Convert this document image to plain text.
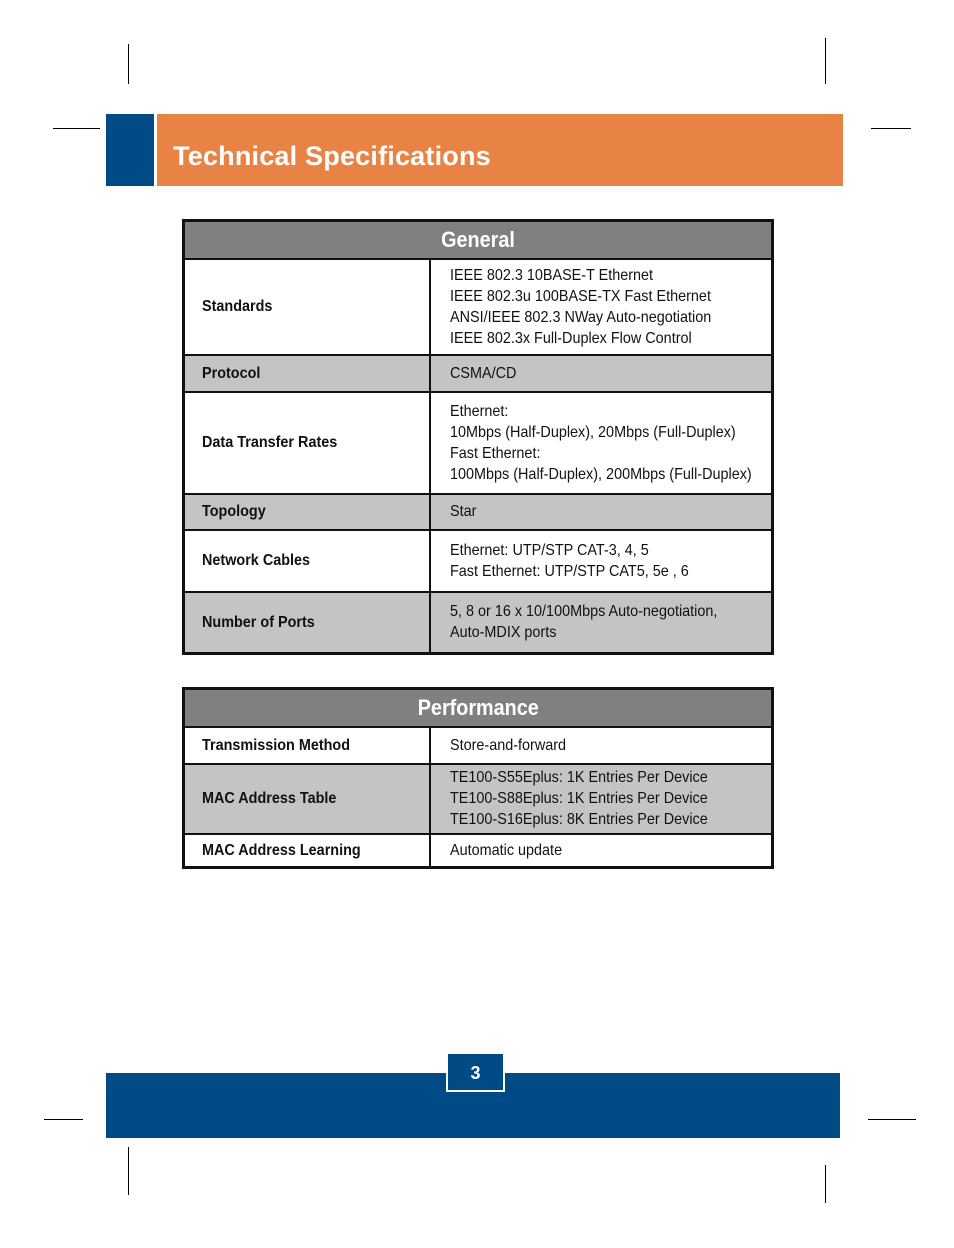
Technical Specifications
General	
Standards	IEEE 802.3 10BASE-T Ethernet
IEEE 802.3u 100BASE-TX Fast Ethernet
ANSI/IEEE 802.3 NWay Auto-negotiation
IEEE 802.3x Full-Duplex Flow Control

Protocol	CSMA/CD
Data Transfer Rates	Ethernet:
10Mbps (Half-Duplex), 20Mbps (Full-Duplex)
Fast Ethernet:
100Mbps (Half-Duplex), 200Mbps (Full-Duplex)

Topology	Star
Network Cables	Ethernet: UTP/STP CAT-3, 4, 5
Fast Ethernet: UTP/STP CAT5, 5e , 6

Number of Ports	5, 8 or 16 x 10/100Mbps Auto-negotiation,
Auto-MDIX ports
Performance	
Transmission Method	Store-and-forward
MAC Address Table	TE100-S55Eplus: 1K Entries Per Device
TE100-S88Eplus: 1K Entries Per Device
TE100-S16Eplus: 8K Entries Per Device

MAC Address Learning	Automatic update
3
